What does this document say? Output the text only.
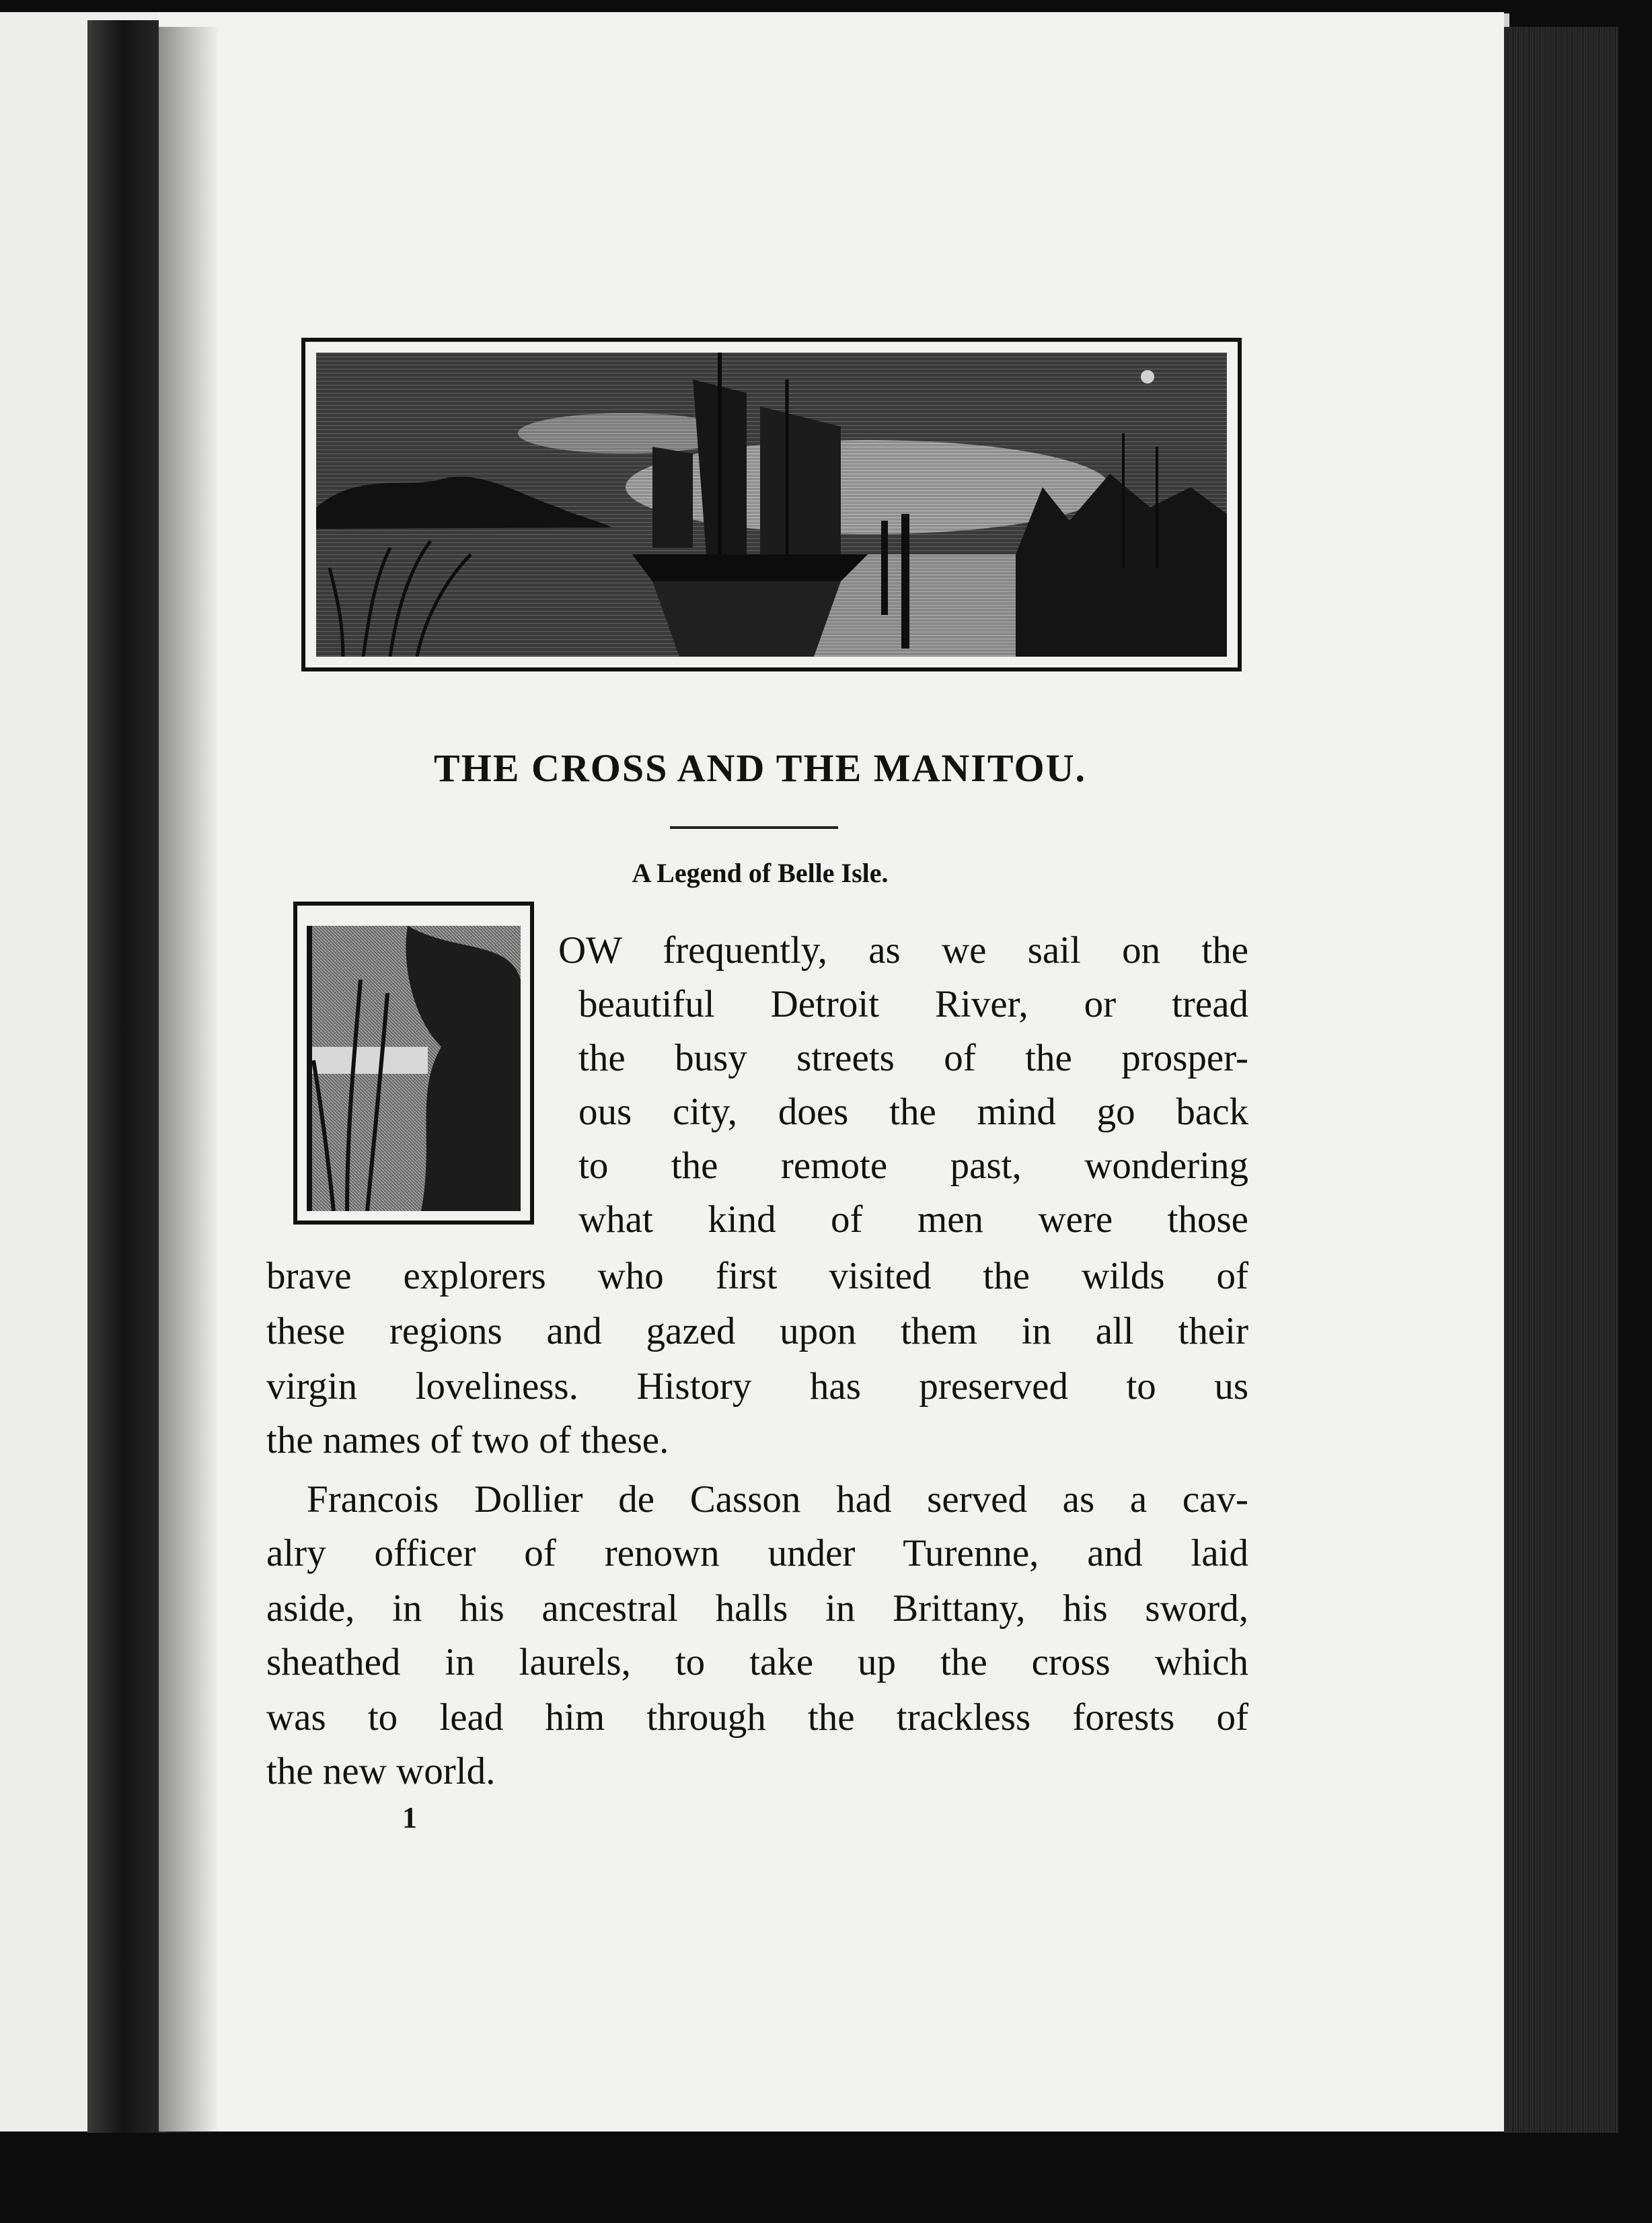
THE CROSS AND THE MANITOU.
A Legend of Belle Isle.
OW frequently, as we sail on the
beautiful Detroit River, or tread
the busy streets of the prosper-
ous city, does the mind go back
to the remote past, wondering
what kind of men were those
brave explorers who first visited the wilds of
these regions and gazed upon them in all their
virgin loveliness. History has preserved to us
the names of two of these.
Francois Dollier de Casson had served as a cav-
alry officer of renown under Turenne, and laid
aside, in his ancestral halls in Brittany, his sword,
sheathed in laurels, to take up the cross which
was to lead him through the trackless forests of
the new world.
1
